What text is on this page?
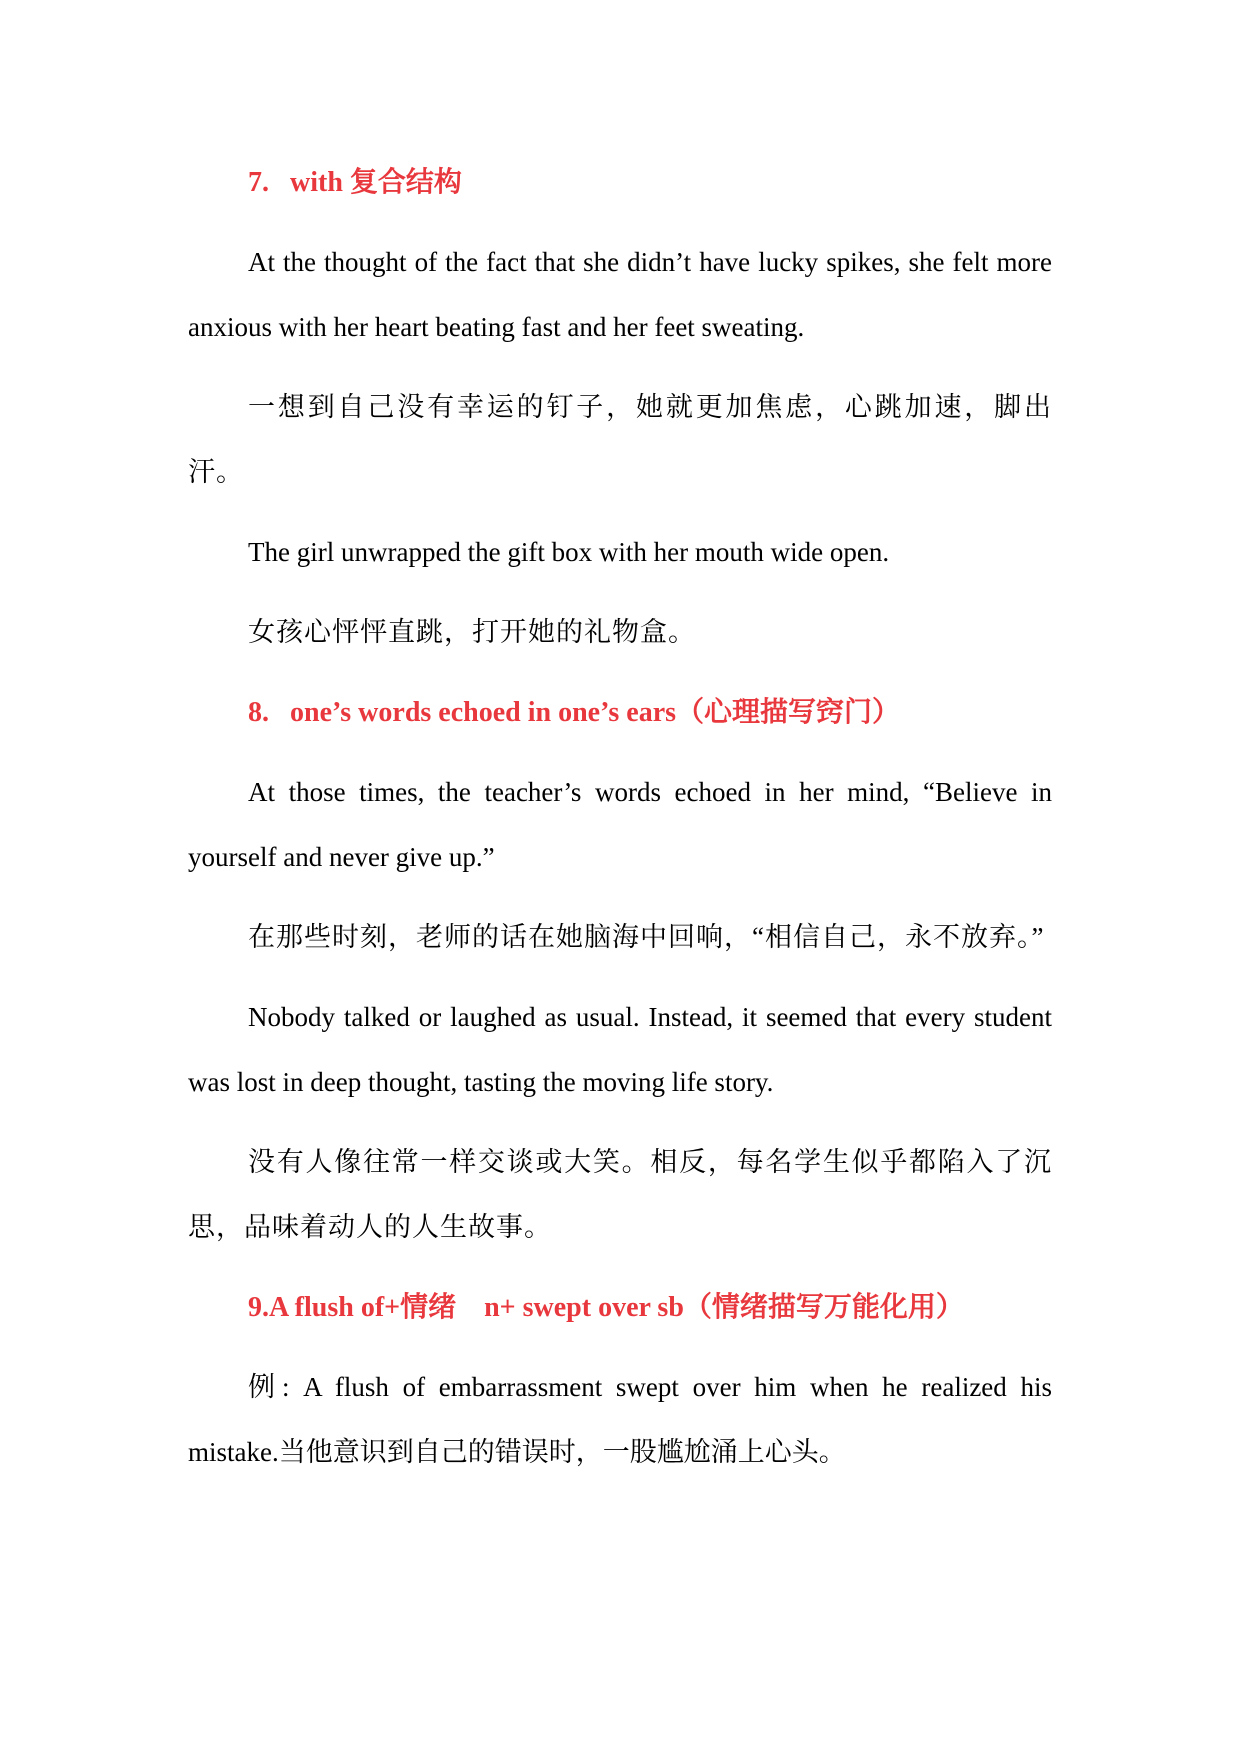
7.   with 复合结构

At the thought of the fact that she didn’t have lucky spikes, she felt more anxious with her heart beating fast and her feet sweating.

一想到自己没有幸运的钉子，她就更加焦虑，心跳加速，脚出汗。

The girl unwrapped the gift box with her mouth wide open.

女孩心怦怦直跳，打开她的礼物盒。

8.   one’s words echoed in one’s ears（心理描写窍门）

At those times, the teacher’s words echoed in her mind, “Believe in yourself and never give up.”

在那些时刻，老师的话在她脑海中回响，“相信自己，永不放弃。”

Nobody talked or laughed as usual. Instead, it seemed that every student was lost in deep thought, tasting the moving life story.

没有人像往常一样交谈或大笑。相反，每名学生似乎都陷入了沉思，品味着动人的人生故事。

9.A flush of+情绪    n+ swept over sb（情绪描写万能化用）

例: A flush of embarrassment swept over him when he realized his mistake.当他意识到自己的错误时，一股尴尬涌上心头。
